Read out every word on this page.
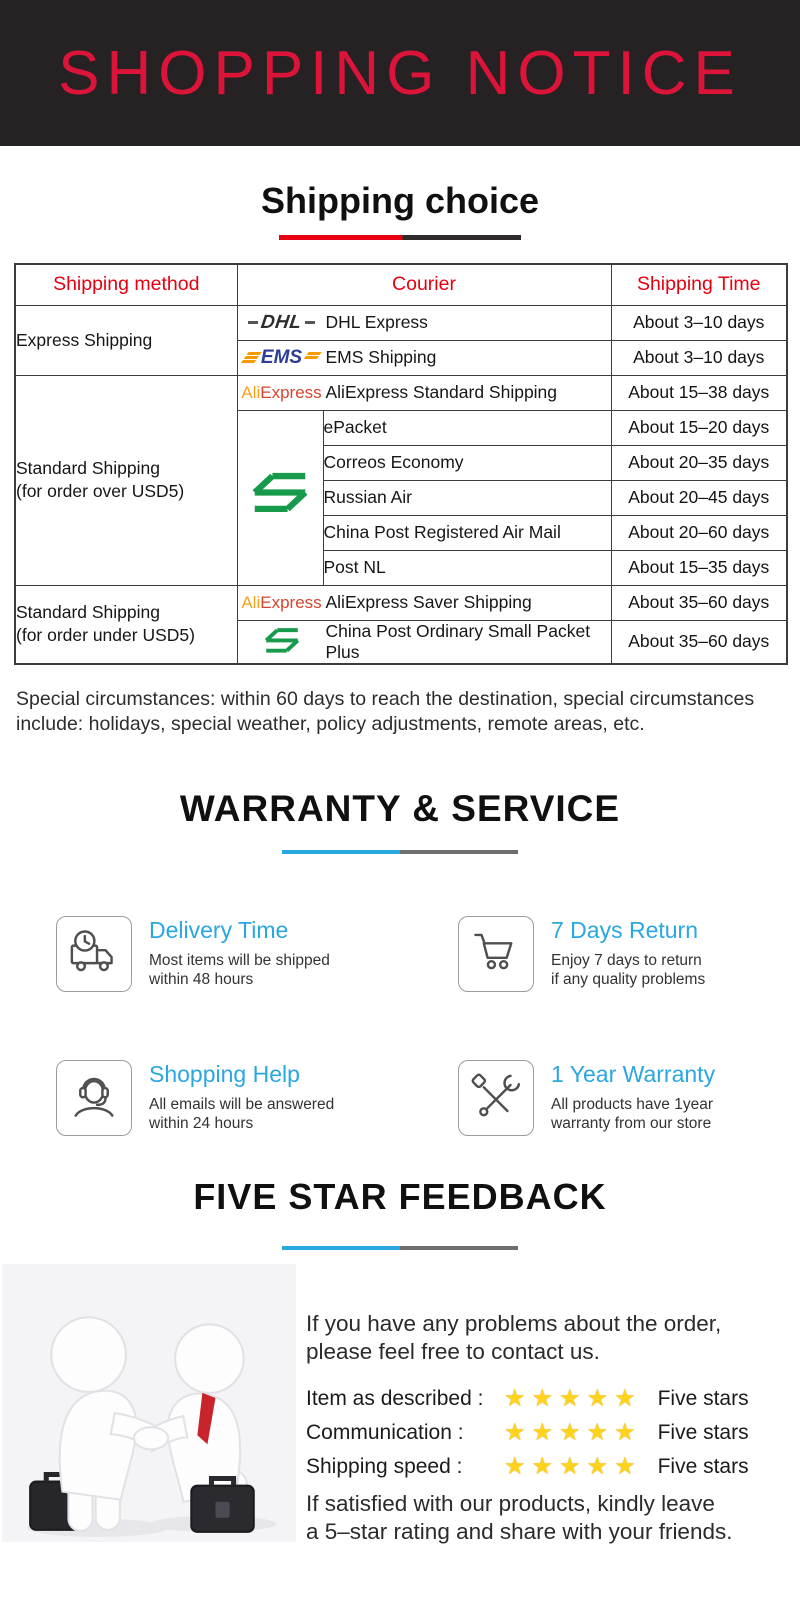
SHOPPING NOTICE
Shipping choice
Shipping method	Courier		Shipping Time

Express Shipping	DHL DHL Express		About 3–10 days

	EMS EMS Shipping		About 3–10 days

Standard Shipping
(for order over USD5)

Ali Express AliExpress Standard Shipping	About 15–38 days
	ePacket	About 15–20 days
		Correos Economy	About 20–35 days
		Russian Air	About 20–45 days
		China Post Registered Air Mail	About 20–60 days
		Post NL	About 15–35 days

Standard Shipping
(for order under USD5)

Ali Express AliExpress Saver Shipping	About 35–60 days

	China Post Ordinary Small Packet Plus		About 35–60 days
Special circumstances: within 60 days to reach the destination, special circumstances
include: holidays, special weather, policy adjustments, remote areas, etc.
WARRANTY & SERVICE
Delivery Time
Most items will be shipped
within 48 hours
7 Days Return
Enjoy 7 days to return
if any quality problems
Shopping Help
All emails will be answered
within 24 hours
1 Year Warranty
All products have 1year
warranty from our store
FIVE STAR FEEDBACK
If you have any problems about the order,
please feel free to contact us.
Item as described : ★★★★★ Five stars
Communication :	★★★★★ Five stars
Shipping speed :	★★★★★ Five stars
If satisfied with our products, kindly leave
a 5–star rating and share with your friends.
